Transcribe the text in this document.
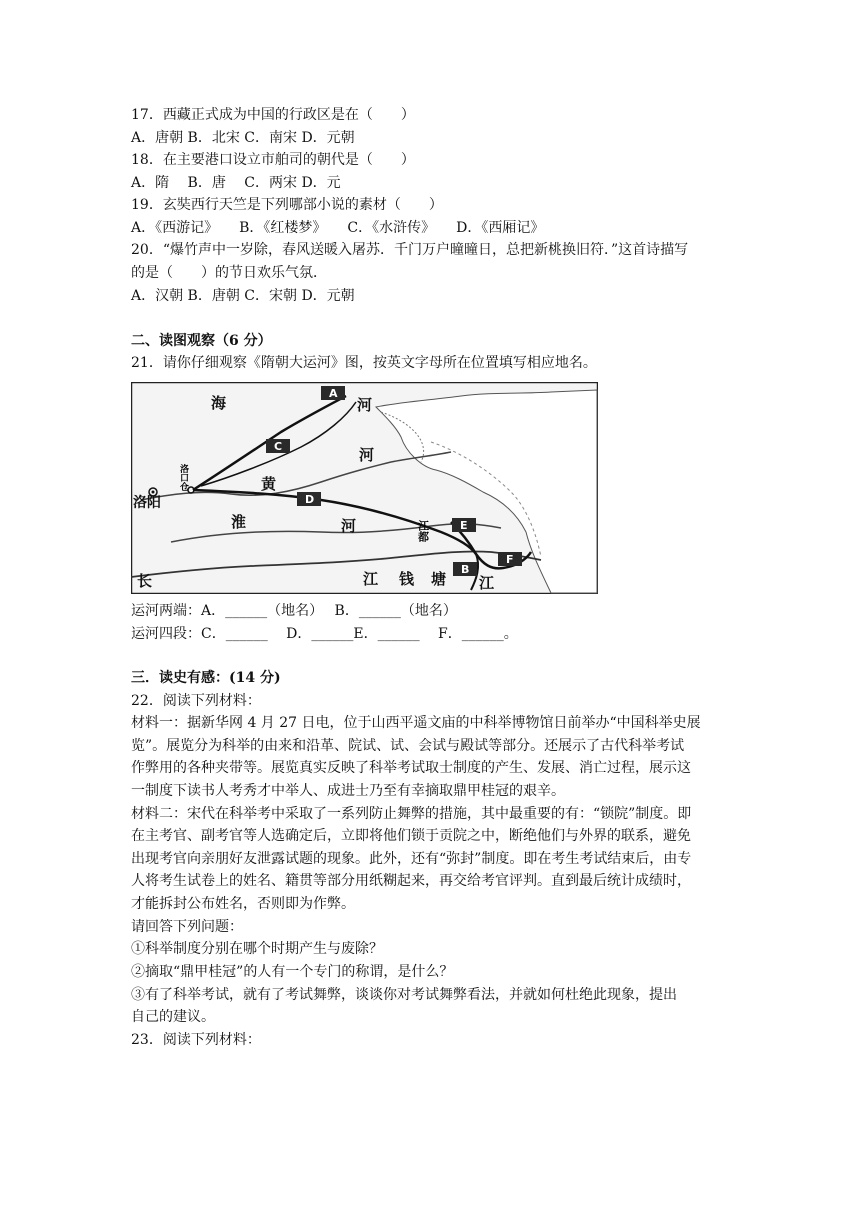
17．西藏正式成为中国的行政区是在（　　）
A．唐朝 B．北宋 C．南宋 D．元朝
18．在主要港口设立市舶司的朝代是（　　）
A．隋　 B．唐　 C．两宋 D．元
19．玄奘西行天竺是下列哪部小说的素材（　　）
A．《西游记》　　B．《红楼梦》　　C．《水浒传》　　D．《西厢记》
20．“爆竹声中一岁除，春风送暖入屠苏．千门万户曈曈日，总把新桃换旧符．”这首诗描写
的是（　　）的节日欢乐气氛．
A．汉朝 B．唐朝 C．宋朝 D．元朝
二、读图观察（6 分）
21．请你仔细观察《隋朝大运河》图，按英文字母所在位置填写相应地名。
海	河
河
黄
淮	河
长	江 钱 塘 江
洛阳
洛口仓
江都
A
C
D
E
F
B
运河两端：A．______（地名）　 B．______（地名）
运河四段：C．______　 D．______E．______　 F．______。
三．读史有感：(14 分)
22．阅读下列材料：
材料一：据新华网 4 月 27 日电，位于山西平遥文庙的中科举博物馆日前举办“中国科举史展
览”。展览分为科举的由来和沿革、院试、试、会试与殿试等部分。还展示了古代科举考试
作弊用的各种夹带等。展览真实反映了科举考试取士制度的产生、发展、消亡过程，展示这
一制度下读书人考秀才中举人、成进士乃至有幸摘取鼎甲桂冠的艰辛。
材料二：宋代在科举考中采取了一系列防止舞弊的措施，其中最重要的有：“锁院”制度。即
在主考官、副考官等人选确定后，立即将他们锁于贡院之中，断绝他们与外界的联系，避免
出现考官向亲朋好友泄露试题的现象。此外，还有“弥封”制度。即在考生考试结束后，由专
人将考生试卷上的姓名、籍贯等部分用纸糊起来，再交给考官评判。直到最后统计成绩时，
才能拆封公布姓名，否则即为作弊。
请回答下列问题：
①科举制度分别在哪个时期产生与废除？
②摘取“鼎甲桂冠”的人有一个专门的称谓，是什么？
③有了科举考试，就有了考试舞弊，谈谈你对考试舞弊看法，并就如何杜绝此现象，提出
自己的建议。
23．阅读下列材料：
